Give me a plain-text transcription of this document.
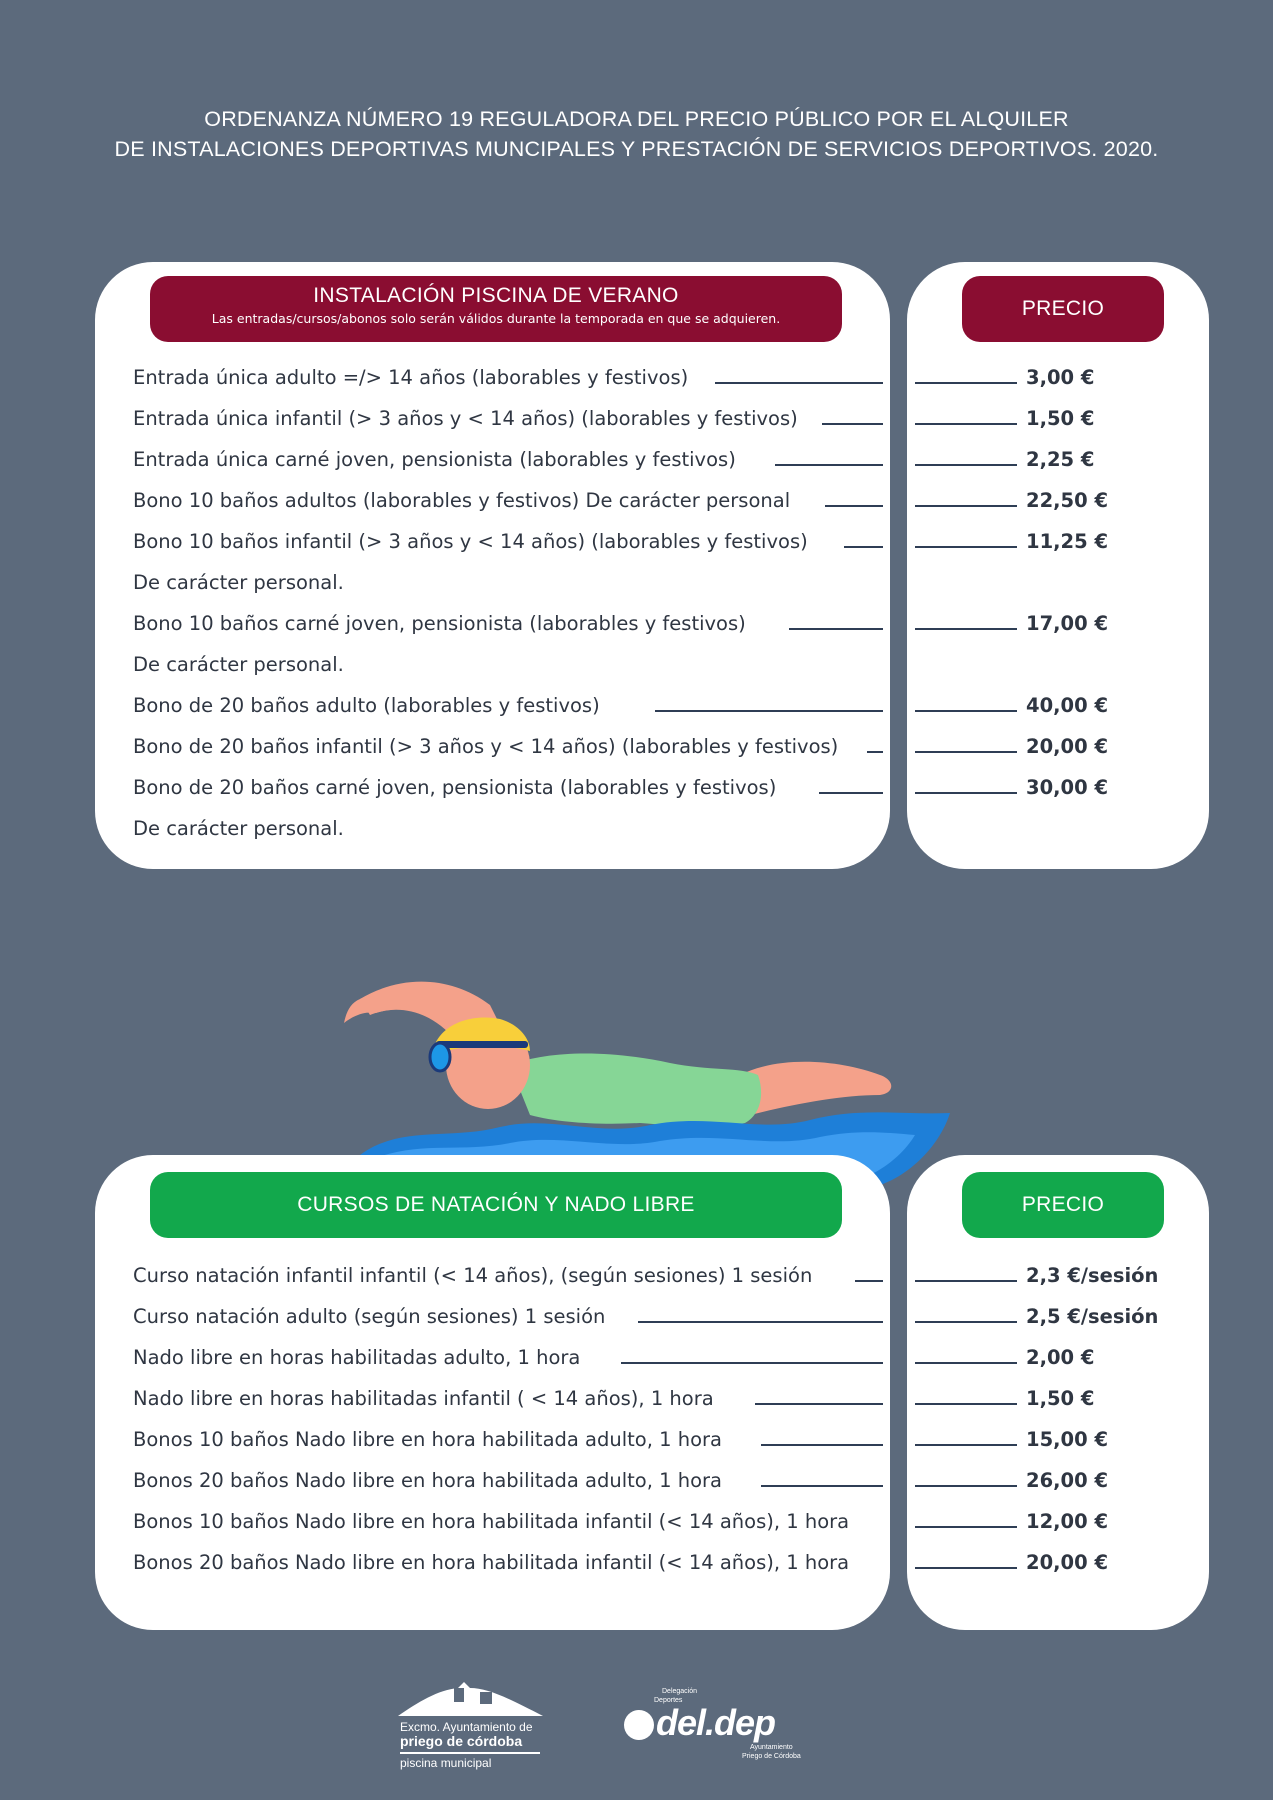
ORDENANZA NÚMERO 19 REGULADORA DEL PRECIO PÚBLICO POR EL ALQUILER
DE INSTALACIONES DEPORTIVAS MUNCIPALES Y PRESTACIÓN DE SERVICIOS DEPORTIVOS. 2020.
INSTALACIÓN PISCINA DE VERANO
Las entradas/cursos/abonos solo serán válidos durante la temporada en que se adquieren.
Entrada única adulto =/> 14 años (laborables y festivos)
Entrada única infantil (> 3 años y < 14 años) (laborables y festivos)
Entrada única carné joven, pensionista (laborables y festivos)
Bono 10 baños adultos (laborables y festivos) De carácter personal
Bono 10 baños infantil (> 3 años y < 14 años) (laborables y festivos)
De carácter personal.
Bono 10 baños carné joven, pensionista (laborables y festivos)
De carácter personal.
Bono de 20 baños adulto (laborables y festivos)
Bono de 20 baños infantil (> 3 años y < 14 años) (laborables y festivos)
Bono de 20 baños carné joven, pensionista (laborables y festivos)
De carácter personal.
PRECIO
3,00 €
1,50 €
2,25 €
22,50 €
11,25 €
17,00 €
40,00 €
20,00 €
30,00 €
CURSOS DE NATACIÓN Y NADO LIBRE
Curso natación infantil infantil (< 14 años), (según sesiones) 1 sesión
Curso natación adulto (según sesiones) 1 sesión
Nado libre en horas habilitadas adulto, 1 hora
Nado libre en horas habilitadas infantil ( < 14 años), 1 hora
Bonos 10 baños Nado libre en hora habilitada adulto, 1 hora
Bonos 20 baños Nado libre en hora habilitada adulto, 1 hora
Bonos 10 baños Nado libre en hora habilitada infantil (< 14 años), 1 hora
Bonos 20 baños Nado libre en hora habilitada infantil (< 14 años), 1 hora
PRECIO
2,3 €/sesión
2,5 €/sesión
2,00 €
1,50 €
15,00 €
26,00 €
12,00 €
20,00 €
Excmo. Ayuntamiento de
priego de córdoba
piscina municipal
Delegación
Deportes
del.dep
Ayuntamiento
Priego de Córdoba
